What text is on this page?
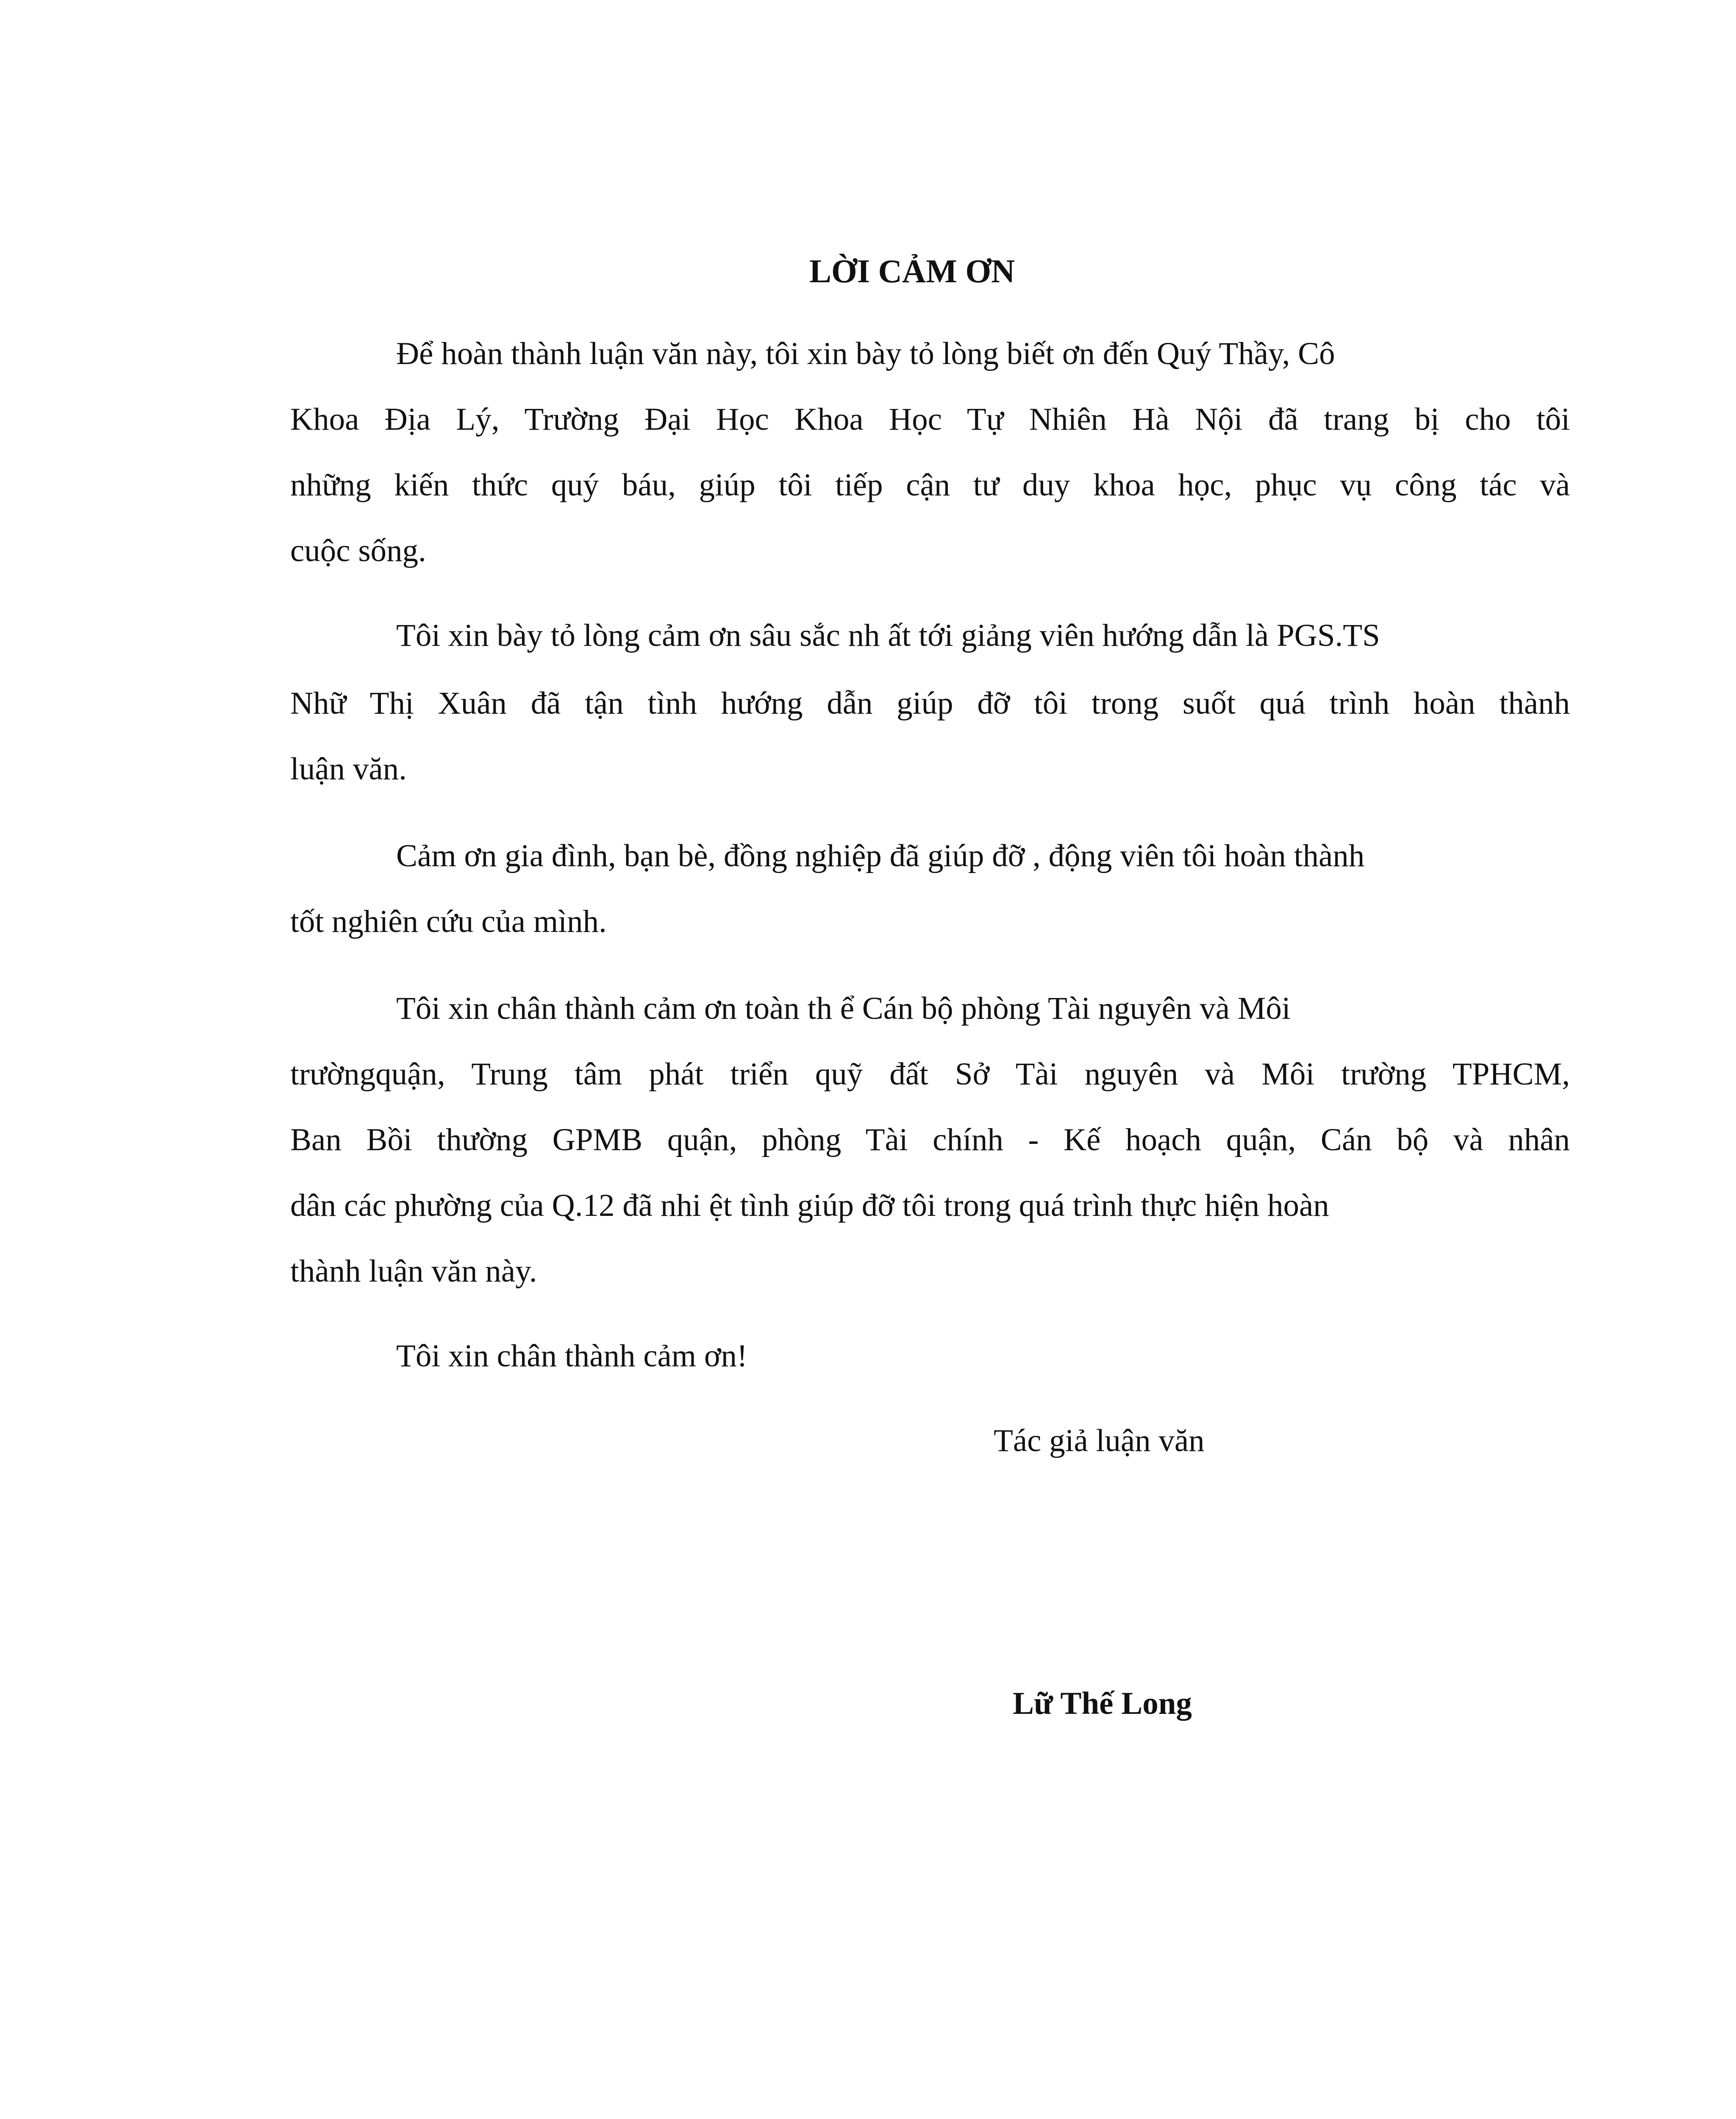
LỜI CẢM ƠN
Để hoàn thành luận văn này, tôi xin bày tỏ lòng biết ơn đến Quý Thầy, Cô
Khoa Địa Lý, Trường Đại Học Khoa Học Tự Nhiên Hà Nội đã trang bị cho tôi
những kiến thức quý báu, giúp tôi tiếp cận tư duy khoa học, phục vụ công tác và
cuộc sống.
Tôi xin bày tỏ lòng cảm ơn sâu sắc nh ất tới giảng viên hướng dẫn là PGS.TS
Nhữ Thị Xuân đã tận tình hướng dẫn giúp đỡ tôi trong suốt quá trình hoàn thành
luận văn.
Cảm ơn gia đình, bạn bè, đồng nghiệp đã giúp đỡ , động viên tôi hoàn thành
tốt nghiên cứu của mình.
Tôi xin chân thành cảm ơn toàn th ể Cán bộ phòng Tài nguyên và Môi
trườngquận, Trung tâm phát triển quỹ đất Sở Tài nguyên và Môi trường TPHCM,
Ban Bồi thường GPMB quận, phòng Tài chính - Kế hoạch quận, Cán bộ và nhân
dân các phường của Q.12 đã nhi ệt tình giúp đỡ tôi trong quá trình thực hiện hoàn
thành luận văn này.
Tôi xin chân thành cảm ơn!
Tác giả luận văn
Lữ Thế Long
